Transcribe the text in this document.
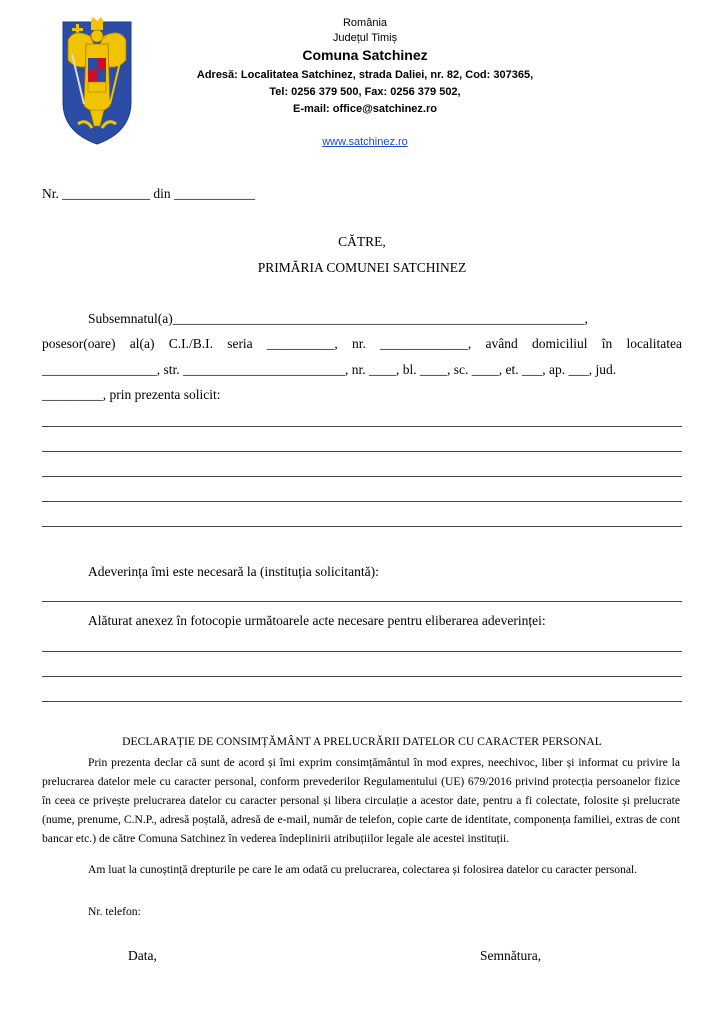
România
Județul Timiș
Comuna Satchinez
Adresă: Localitatea Satchinez, strada Daliei, nr. 82, Cod: 307365,
Tel: 0256 379 500, Fax: 0256 379 502,
E-mail: office@satchinez.ro
www.satchinez.ro
Nr. _____________ din ____________
CĂTRE,
PRIMĂRIA COMUNEI SATCHINEZ
Subsemnatul(a)_____________________________________________________________,
posesor(oare) al(a) C.I./B.I. seria __________, nr. _____________, având domiciliul în localitatea
_________________, str. ________________________, nr. ____, bl. ____, sc. ____, et. ___, ap. ___, jud.
_________, prin prezenta solicit:
Adeverința îmi este necesară la (instituția solicitantă):
Alăturat anexez în fotocopie următoarele acte necesare pentru eliberarea adeverinței:
DECLARAȚIE DE CONSIMȚĂMÂNT A PRELUCRĂRII DATELOR CU CARACTER PERSONAL
Prin prezenta declar că sunt de acord și îmi exprim consimțământul în mod expres, neechivoc, liber și informat cu privire la prelucrarea datelor mele cu caracter personal, conform prevederilor Regulamentului (UE) 679/2016 privind protecția persoanelor fizice în ceea ce privește prelucrarea datelor cu caracter personal și libera circulație a acestor date, pentru a fi colectate, folosite și prelucrate (nume, prenume, C.N.P., adresă poștală, adresă de e-mail, număr de telefon, copie carte de identitate, componența familiei, extras de cont bancar etc.) de către Comuna Satchinez în vederea îndeplinirii atribuțiilor legale ale acestei instituții.
Am luat la cunoștință drepturile pe care le am odată cu prelucrarea, colectarea și folosirea datelor cu caracter personal.
Nr. telefon:
Data,	Semnătura,
